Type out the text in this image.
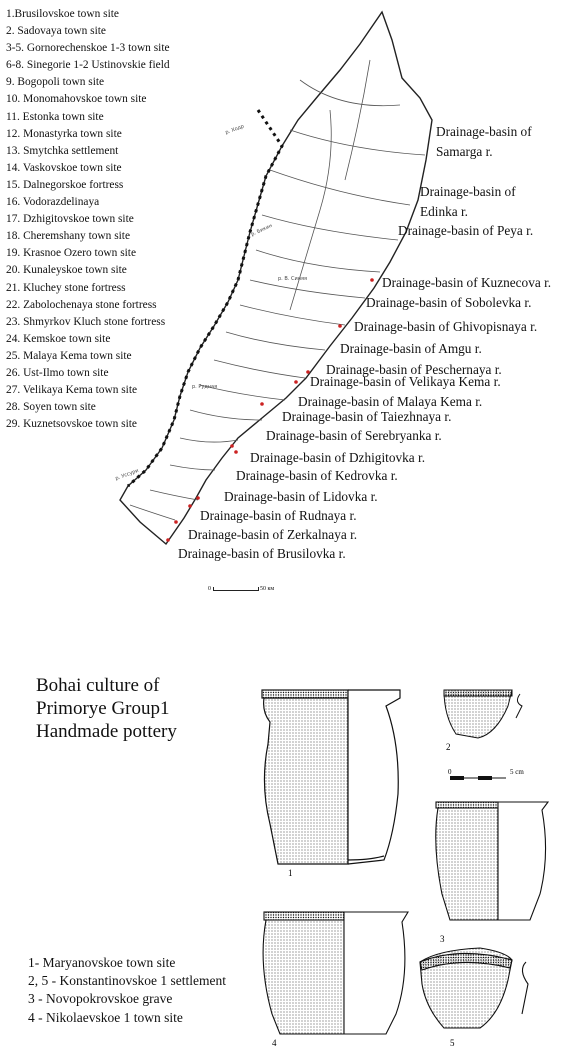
р. Ходр
р. Бикин
р. В. Синяя
р. Рудная
р. Уссури
1.Brusilovskoe town site
2. Sadovaya town site
3-5. Gornorechenskoe 1-3 town site
6-8. Sinegorie 1-2 Ustinovskie field
9. Bogopoli town site
10. Monomahovskoe town site
11. Estonka town site
12. Monastyrka town site
13. Smytchka settlement
14. Vaskovskoe town site
15. Dalnegorskoe fortress
16. Vodorazdelinaya
17. Dzhigitovskoe town site
18. Cheremshany town site
19. Krasnoe Ozero town site
20. Kunaleyskoe town site
21. Kluchey stone fortress
22. Zabolochenaya stone fortress
23. Shmyrkov Kluch stone fortress
24. Kemskoe town site
25. Malaya Kema town site
26. Ust-Ilmo town site
27. Velikaya Kema town site
28. Soyen town site
29. Kuznetsovskoe town site
Drainage-basin of Samarga r.
Drainage-basin of Edinka r.
Drainage-basin of Peya r.
Drainage-basin of Kuznecova r.
Drainage-basin of Sobolevka r.
Drainage-basin of Ghivopisnaya r.
Drainage-basin of Amgu r.
Drainage-basin of Peschernaya r.
Drainage-basin of Velikaya Kema r.
Drainage-basin of Malaya Kema r.
Drainage-basin of Taiezhnaya r.
Drainage-basin of Serebryanka r.
Drainage-basin of Dzhigitovka r.
Drainage-basin of Kedrovka r.
Drainage-basin of Lidovka r.
Drainage-basin of Rudnaya r.
Drainage-basin of Zerkalnaya r.
Drainage-basin of Brusilovka r.
0	50 км
Bohai culture of
Primorye Group1
Handmade pottery
1
2
0	5 cm
3
4	5
1- Maryanovskoe town site
2, 5 - Konstantinovskoe 1 settlement
3 - Novopokrovskoe grave
4 - Nikolaevskoe 1 town site
